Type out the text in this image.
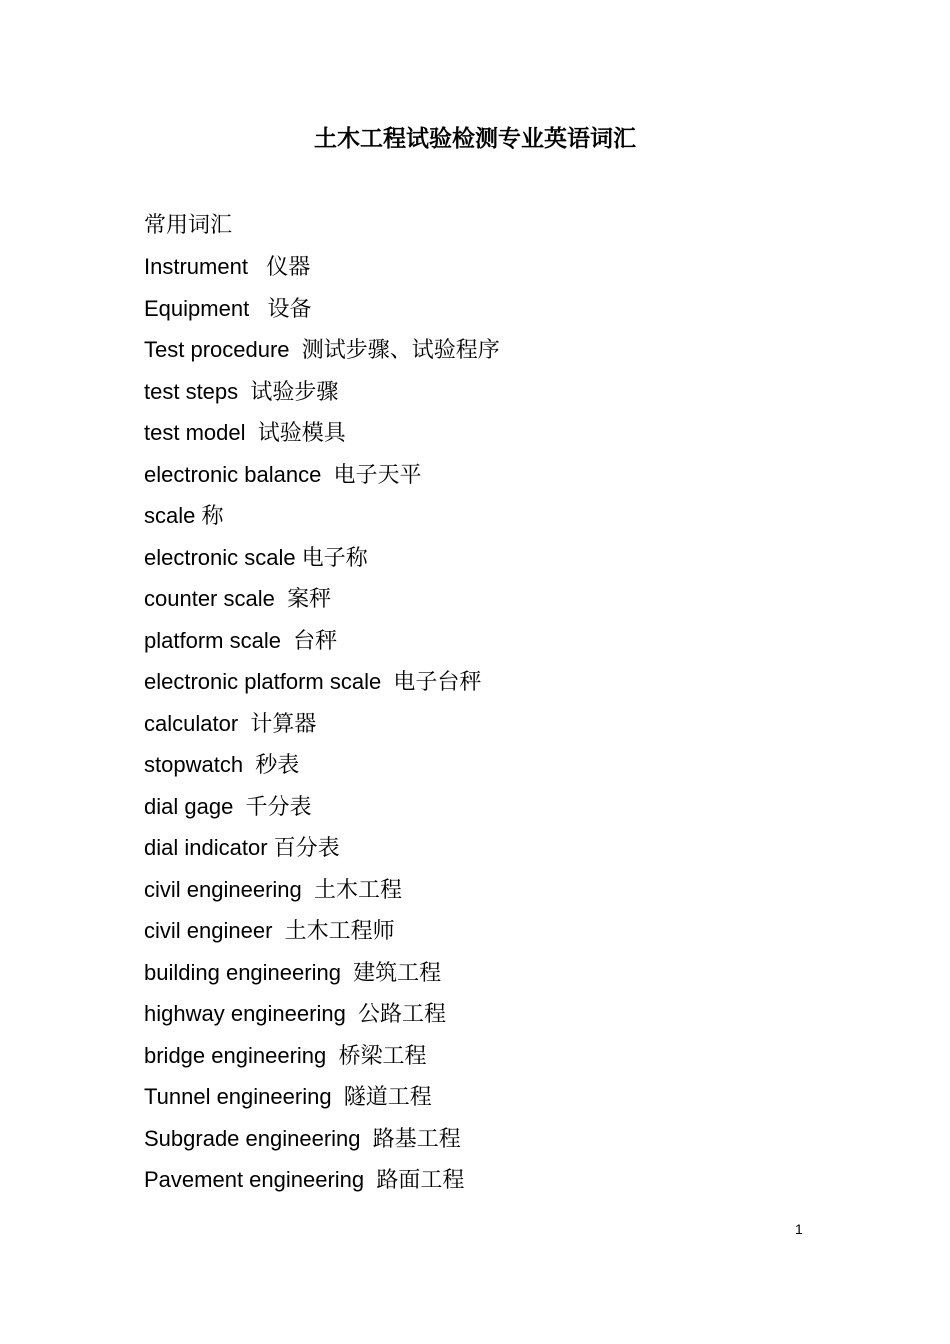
土木工程试验检测专业英语词汇

常用词汇

Instrument   仪器
Equipment   设备
Test procedure  测试步骤、试验程序
test steps  试验步骤
test model  试验模具
electronic balance  电子天平
scale 称
electronic scale 电子称
counter scale  案秤
platform scale  台秤
electronic platform scale  电子台秤
calculator  计算器
stopwatch  秒表
dial gage  千分表
dial indicator 百分表
civil engineering  土木工程
civil engineer  土木工程师
building engineering  建筑工程
highway engineering  公路工程
bridge engineering  桥梁工程
Tunnel engineering  隧道工程
Subgrade engineering  路基工程
Pavement engineering  路面工程
1
